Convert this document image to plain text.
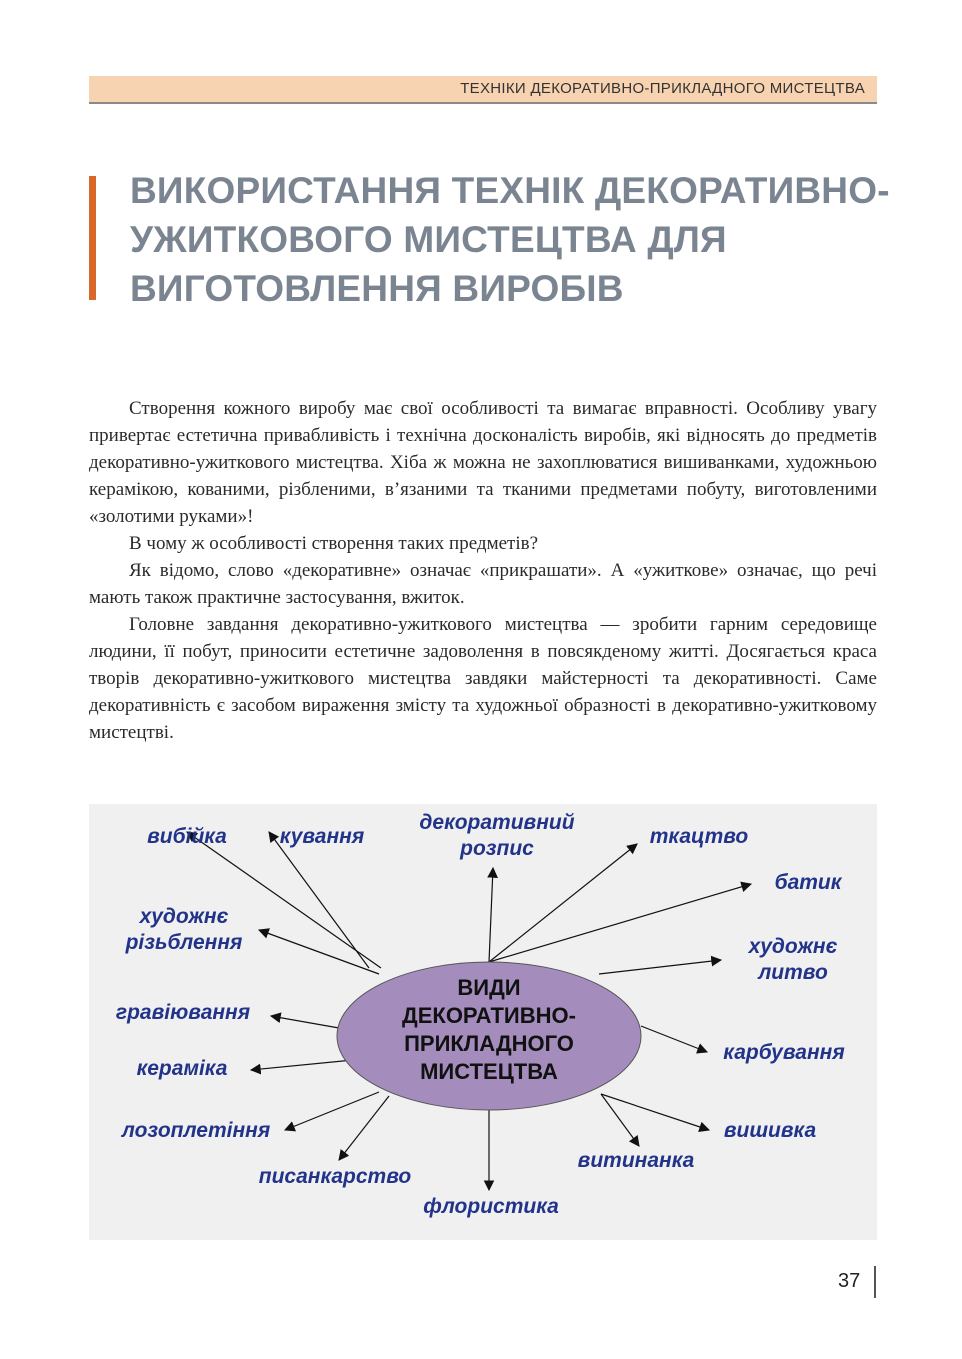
ТЕХНІКИ ДЕКОРАТИВНО-ПРИКЛАДНОГО МИСТЕЦТВА
ВИКОРИСТАННЯ ТЕХНІК ДЕКОРАТИВНО-УЖИТКОВОГО МИСТЕЦТВА ДЛЯ ВИГОТОВЛЕННЯ ВИРОБІВ

Створення кожного виробу має свої особливості та вимагає вправності. Особливу увагу привертає естетична привабливість і технічна досконалість виробів, які відносять до предметів декоративно-ужиткового мистецтва. Хіба ж можна не захоплюватися вишиванками, художньою керамікою, кованими, різбленими, в’язаними та тканими предметами побуту, виготовленими «золотими руками»!

В чому ж особливості створення таких предметів?

Як відомо, слово «декоративне» означає «прикрашати». А «ужиткове» означає, що речі мають також практичне застосування, вжиток.

Головне завдання декоративно-ужиткового мистецтва — зробити гарним середовище людини, її побут, приносити естетичне задоволення в повсякденому житті. Досягається краса творів декоративно-ужиткового мистецтва завдяки майстерності та декоративності. Саме декоративність є засобом вираження змісту та художньої образності в декоративно-ужитковому мистецтві.

ВИДИ
ДЕКОРАТИВНО-
ПРИКЛАДНОГО
МИСТЕЦТВА
вибійка	кування
декоративний
розпис
ткацтво
батик
художнє
різьблення	художнє
литво
гравіювання
карбування
кераміка
лозоплетіння	вишивка
витинанка
писанкарство
флористика
37
